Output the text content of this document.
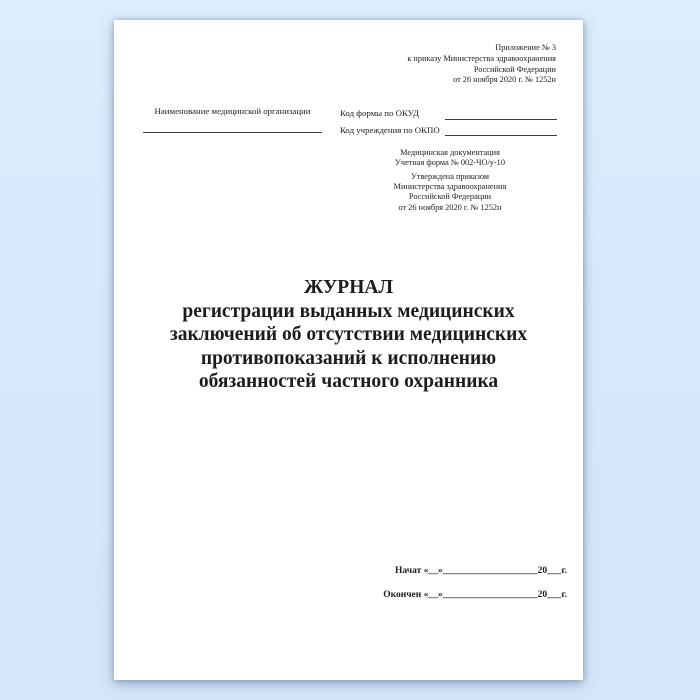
Приложение № 3
к приказу Министерства здравоохранения
Российской Федерации
от 26 ноября 2020 г. № 1252н
Наименование медицинской организации	Код формы по ОКУД
Код учреждения по ОКПО
Медицинская документация
Учетная форма № 002-ЧО/у-10
Утверждена приказом
Министерства здравоохранения
Российской Федерации
от 26 ноября 2020 г. № 1252н
ЖУРНАЛ
регистрации выданных медицинских
заключений об отсутствии медицинских
противопоказаний к исполнению
обязанностей частного охранника
Начат «__»____________________20___г.
Окончен «__»____________________20___г.
